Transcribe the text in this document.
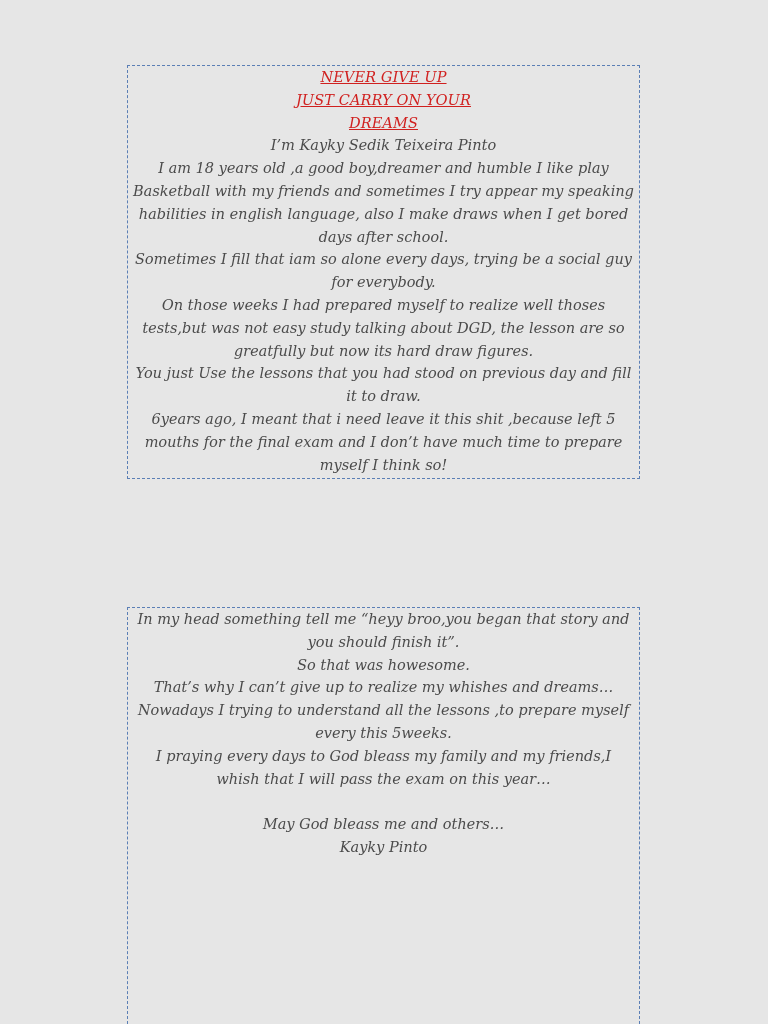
NEVER GIVE UP
JUST CARRY ON YOUR
DREAMS
I’m Kayky Sedik Teixeira Pinto
I am 18 years old ,a good boy,dreamer and humble I like play Basketball with my friends and sometimes I try appear my speaking habilities in english language, also I make draws when I get bored days after school.
Sometimes I fill that iam so alone every days, trying be a social guy for everybody.
On those weeks I had prepared myself to realize well thoses tests,but was not easy study talking about DGD, the lesson are so greatfully but now its hard draw figures.
You just Use the lessons that you had stood on previous day and fill it to draw.
6years ago, I meant that i need leave it this shit ,because left 5 mouths for the final exam and I don’t have much time to prepare myself I think so!
In my head something tell me “heyy broo,you began that story and you should finish it”.
So that was howesome.
That’s why I can’t give up to realize my whishes and dreams…
Nowadays I trying to understand all the lessons ,to prepare myself every this 5weeks.
I praying every days to God bleass my family and my friends,I whish that I will pass the exam on this year…
May God bleass me and others…
Kayky Pinto
